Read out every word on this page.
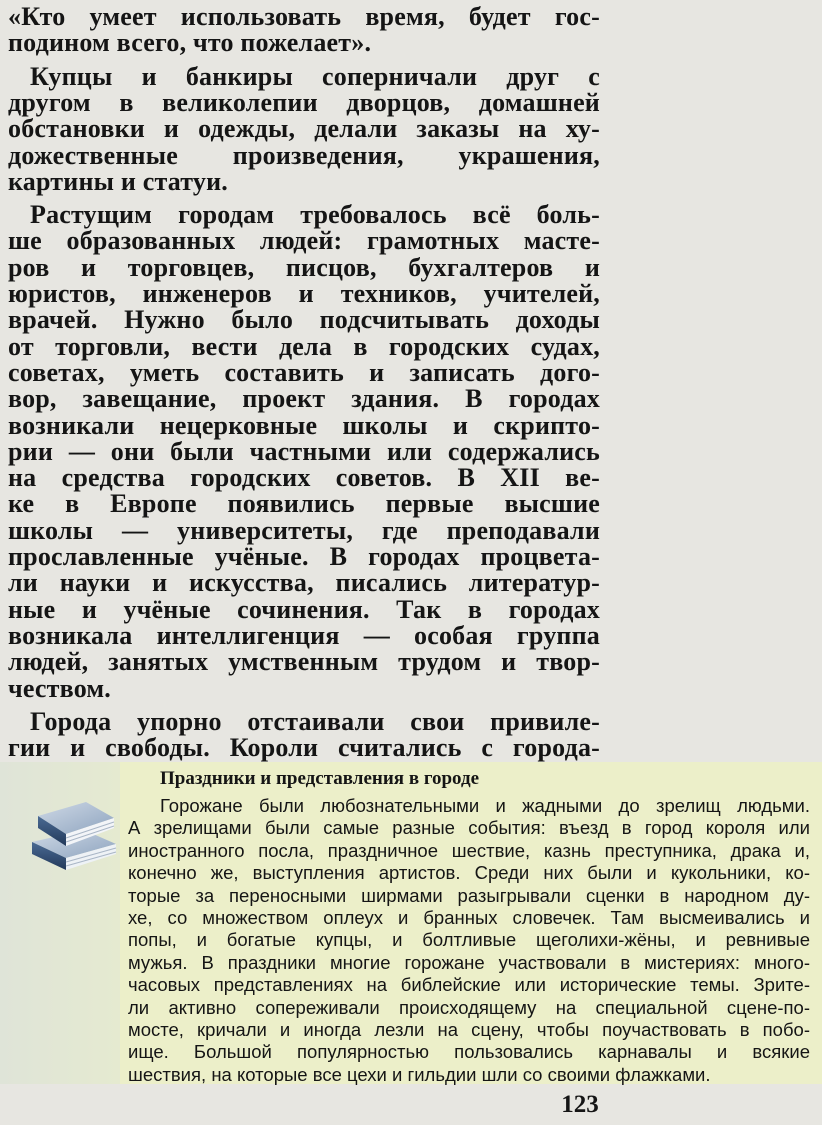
«Кто умеет использовать время, будет гос-
подином всего, что пожелает».
Купцы и банкиры соперничали друг с
другом в великолепии дворцов, домашней
обстановки и одежды, делали заказы на ху-
дожественные произведения, украшения,
картины и статуи.
Растущим городам требовалось всё боль-
ше образованных людей: грамотных масте-
ров и торговцев, писцов, бухгалтеров и
юристов, инженеров и техников, учителей,
врачей. Нужно было подсчитывать доходы
от торговли, вести дела в городских судах,
советах, уметь составить и записать дого-
вор, завещание, проект здания. В городах
возникали нецерковные школы и скрипто-
рии — они были частными или содержались
на средства городских советов. В XII ве-
ке в Европе появились первые высшие
школы — университеты, где преподавали
прославленные учёные. В городах процвета-
ли науки и искусства, писались литератур-
ные и учёные сочинения. Так в городах
возникала интеллигенция — особая группа
людей, занятых умственным трудом и твор-
чеством.
Города упорно отстаивали свои привиле-
гии и свободы. Короли считались с города-
Праздники и представления в городе
Горожане были любознательными и жадными до зрелищ людьми.
А зрелищами были самые разные события: въезд в город короля или
иностранного посла, праздничное шествие, казнь преступника, драка и,
конечно же, выступления артистов. Среди них были и кукольники, ко-
торые за переносными ширмами разыгрывали сценки в народном ду-
хе, со множеством оплеух и бранных словечек. Там высмеивались и
попы, и богатые купцы, и болтливые щеголихи-жёны, и ревнивые
мужья. В праздники многие горожане участвовали в мистериях: много-
часовых представлениях на библейские или исторические темы. Зрите-
ли активно сопереживали происходящему на специальной сцене-по-
мосте, кричали и иногда лезли на сцену, чтобы поучаствовать в побо-
ище. Большой популярностью пользовались карнавалы и всякие
шествия, на которые все цехи и гильдии шли со своими флажками.
123
